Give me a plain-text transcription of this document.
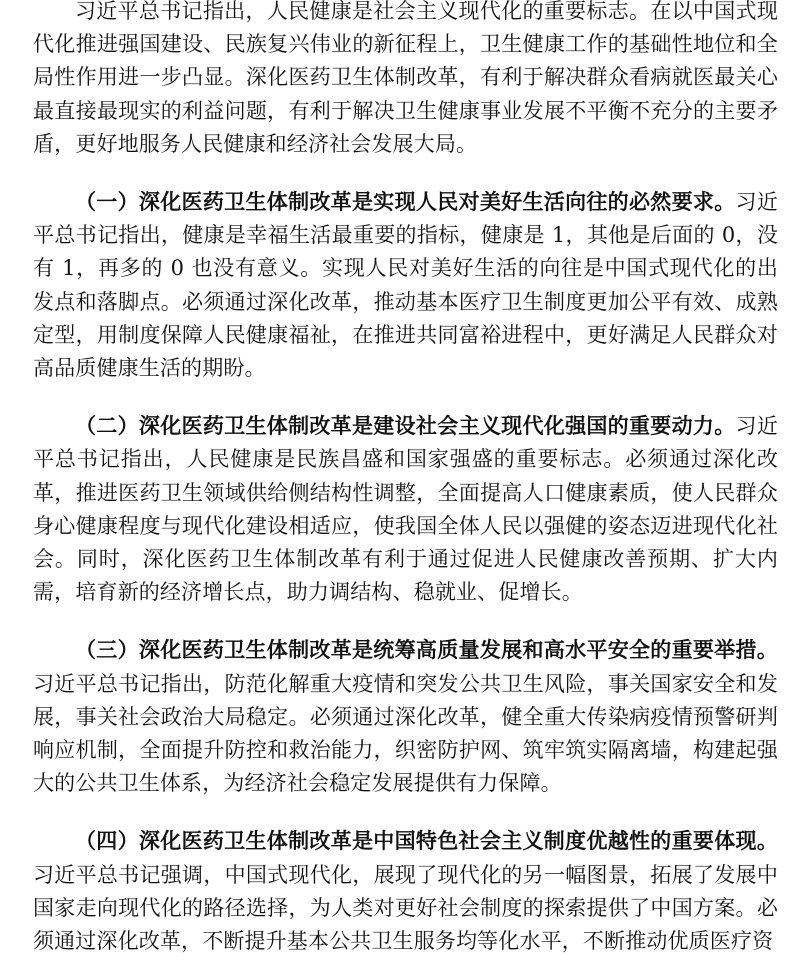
习近平总书记指出，人民健康是社会主义现代化的重要标志。在以中国式现代化推进强国建设、民族复兴伟业的新征程上，卫生健康工作的基础性地位和全局性作用进一步凸显。深化医药卫生体制改革，有利于解决群众看病就医最关心最直接最现实的利益问题，有利于解决卫生健康事业发展不平衡不充分的主要矛盾，更好地服务人民健康和经济社会发展大局。

（一）深化医药卫生体制改革是实现人民对美好生活向往的必然要求。习近平总书记指出，健康是幸福生活最重要的指标，健康是 1，其他是后面的 0，没有 1，再多的 0 也没有意义。实现人民对美好生活的向往是中国式现代化的出发点和落脚点。必须通过深化改革，推动基本医疗卫生制度更加公平有效、成熟定型，用制度保障人民健康福祉，在推进共同富裕进程中，更好满足人民群众对高品质健康生活的期盼。

（二）深化医药卫生体制改革是建设社会主义现代化强国的重要动力。习近平总书记指出，人民健康是民族昌盛和国家强盛的重要标志。必须通过深化改革，推进医药卫生领域供给侧结构性调整，全面提高人口健康素质，使人民群众身心健康程度与现代化建设相适应，使我国全体人民以强健的姿态迈进现代化社会。同时，深化医药卫生体制改革有利于通过促进人民健康改善预期、扩大内需，培育新的经济增长点，助力调结构、稳就业、促增长。

（三）深化医药卫生体制改革是统筹高质量发展和高水平安全的重要举措。习近平总书记指出，防范化解重大疫情和突发公共卫生风险，事关国家安全和发展，事关社会政治大局稳定。必须通过深化改革，健全重大传染病疫情预警研判响应机制，全面提升防控和救治能力，织密防护网、筑牢筑实隔离墙，构建起强大的公共卫生体系，为经济社会稳定发展提供有力保障。

（四）深化医药卫生体制改革是中国特色社会主义制度优越性的重要体现。习近平总书记强调，中国式现代化，展现了现代化的另一幅图景，拓展了发展中国家走向现代化的路径选择，为人类对更好社会制度的探索提供了中国方案。必须通过深化改革，不断提升基本公共卫生服务均等化水平，不断推动优质医疗资
